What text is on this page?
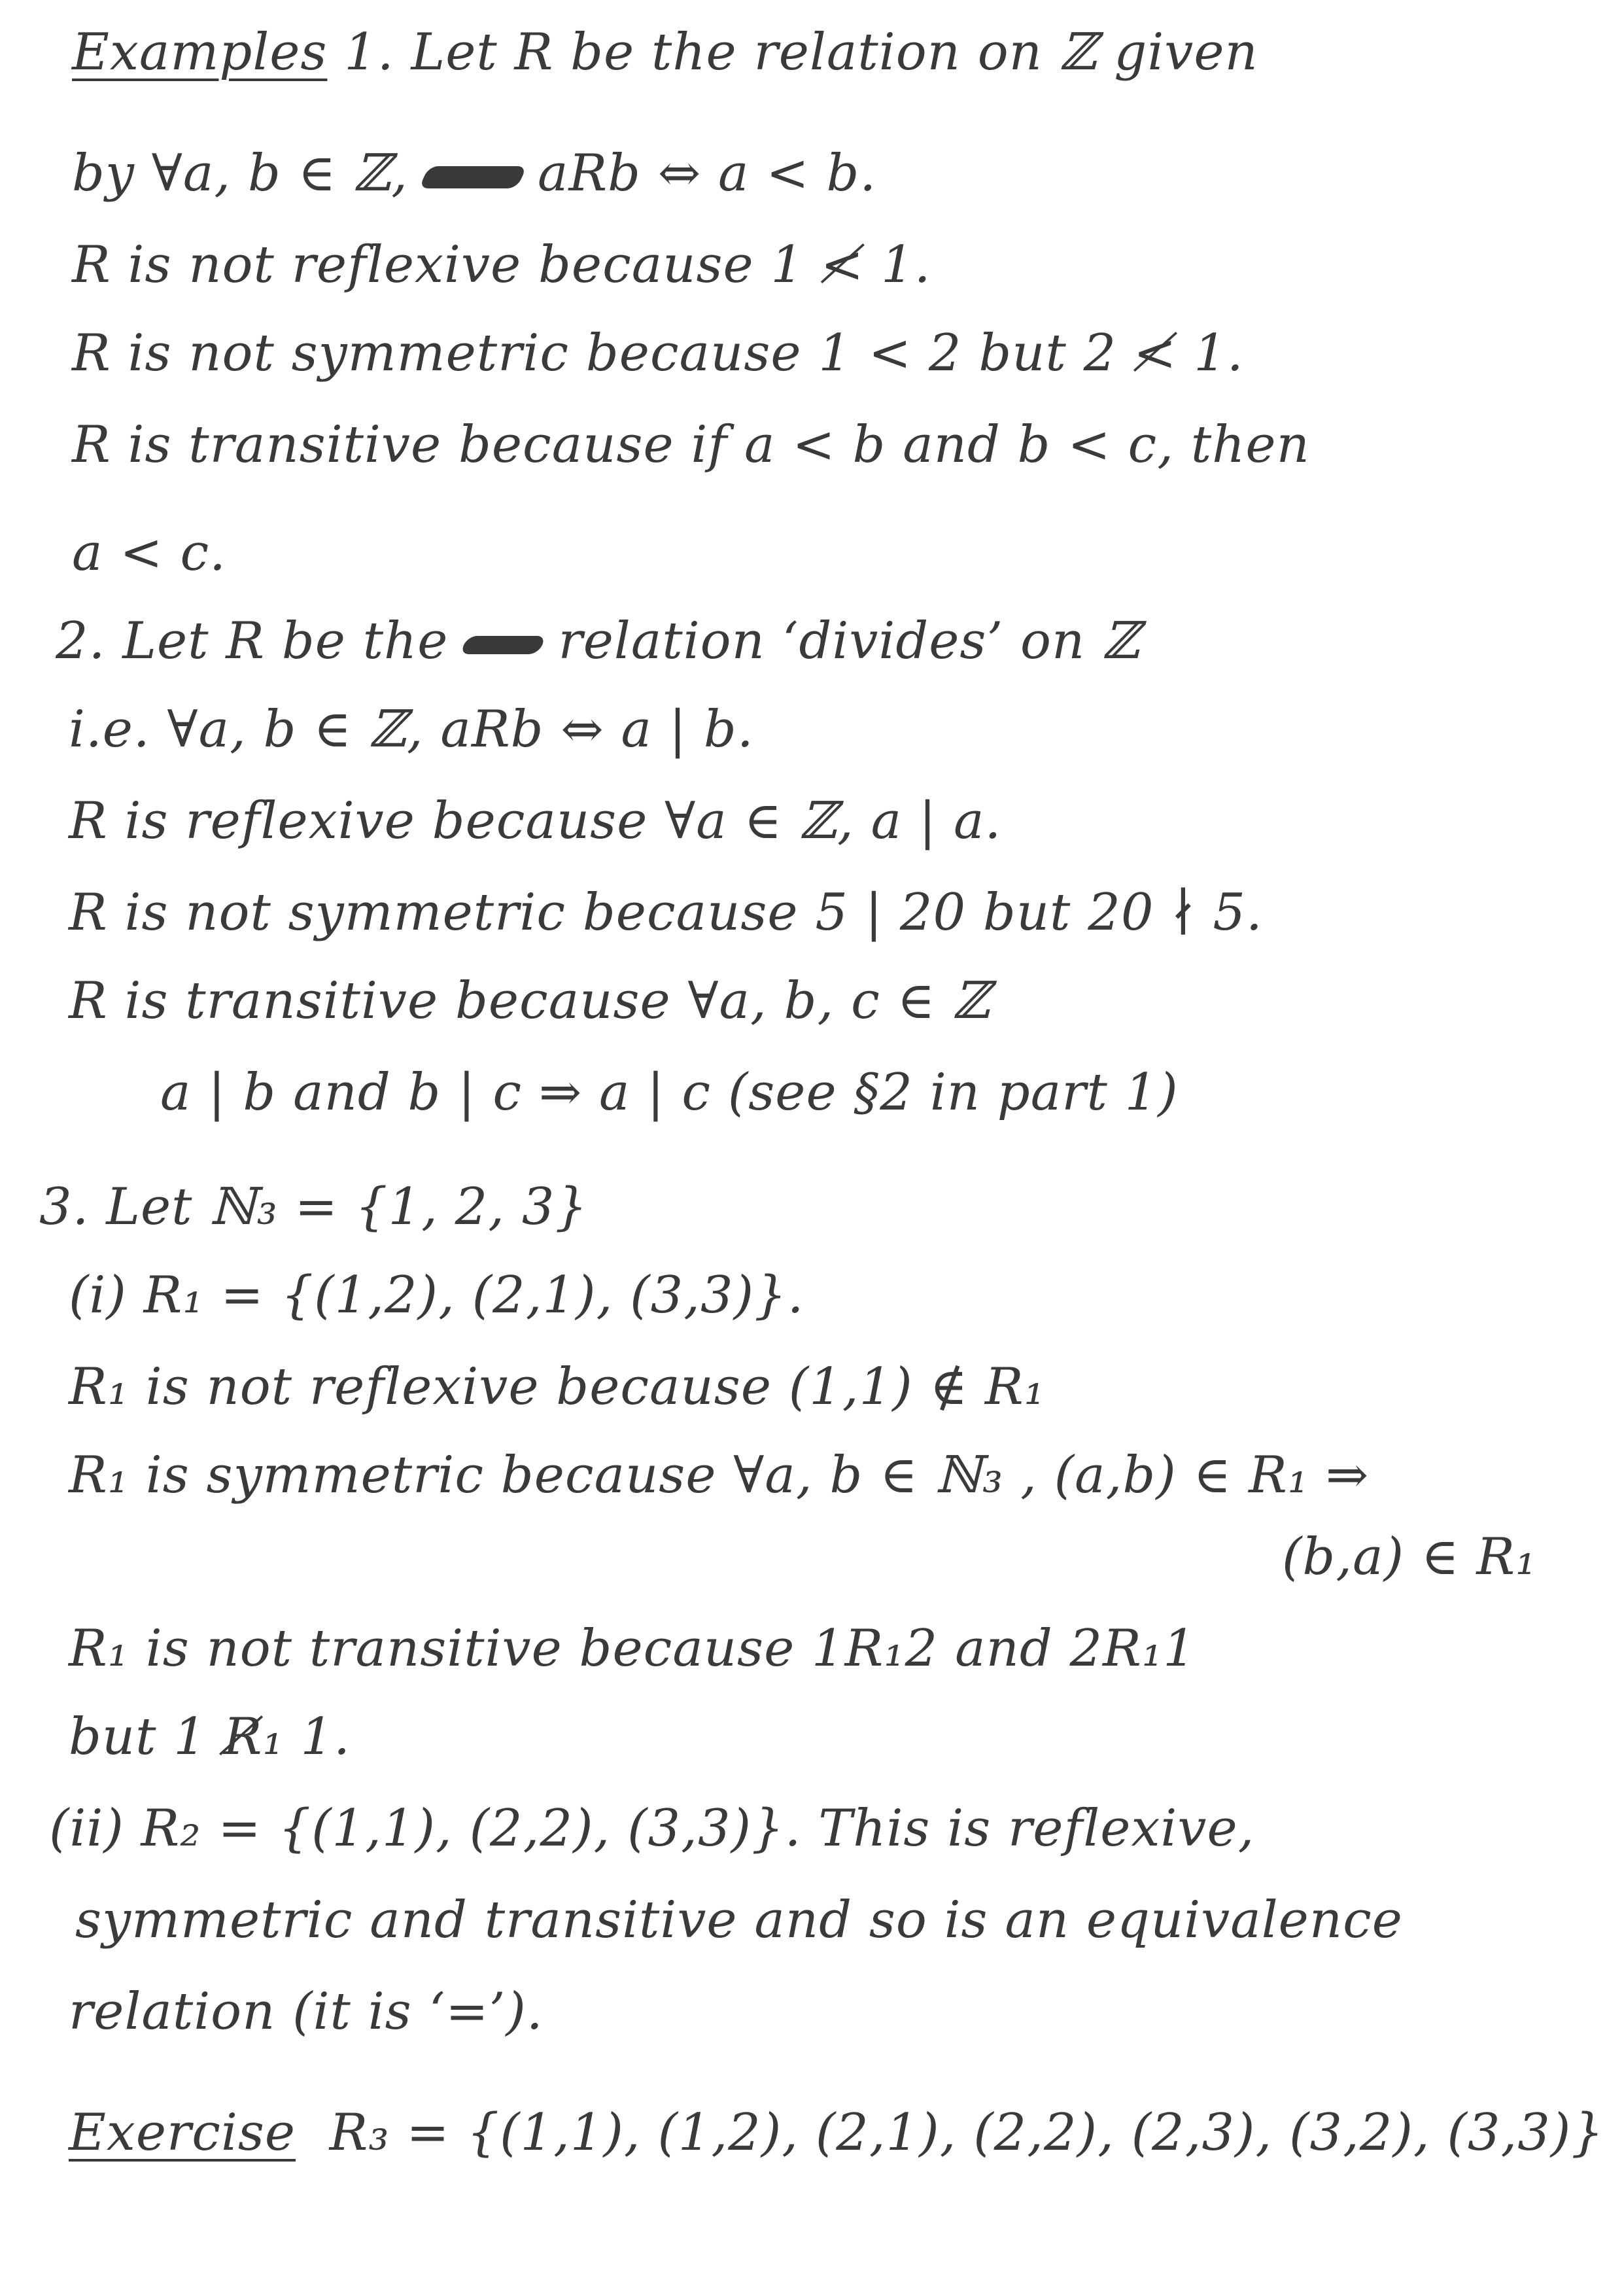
Examples 1. Let R be the relation on ℤ given
by ∀a, b ∈ ℤ,	aRb ⇔ a < b.
R is not reflexive because 1 ≮ 1.
R is not symmetric because 1 < 2 but 2 ≮ 1.
R is transitive because if a < b and b < c, then
a < c.
2. Let R be the relation ‘divides’ on ℤ
i.e. ∀a, b ∈ ℤ, aRb ⇔ a | b.
R is reflexive because ∀a ∈ ℤ, a | a.
R is not symmetric because 5 | 20 but 20 ∤ 5.
R is transitive because ∀a, b, c ∈ ℤ
a | b and b | c ⇒ a | c (see §2 in part 1)
3. Let ℕ₃ = {1, 2, 3}
(i) R₁ = {(1,2), (2,1), (3,3)}.
R₁ is not reflexive because (1,1) ∉ R₁
R₁ is symmetric because ∀a, b ∈ ℕ₃ , (a,b) ∈ R₁ ⇒
(b,a) ∈ R₁
R₁ is not transitive because 1R₁2 and 2R₁1
but 1 R̸₁ 1.
(ii) R₂ = {(1,1), (2,2), (3,3)}. This is reflexive,
symmetric and transitive and so is an equivalence
relation (it is ‘=’).
Exercise R₃ = {(1,1), (1,2), (2,1), (2,2), (2,3), (3,2), (3,3)}
